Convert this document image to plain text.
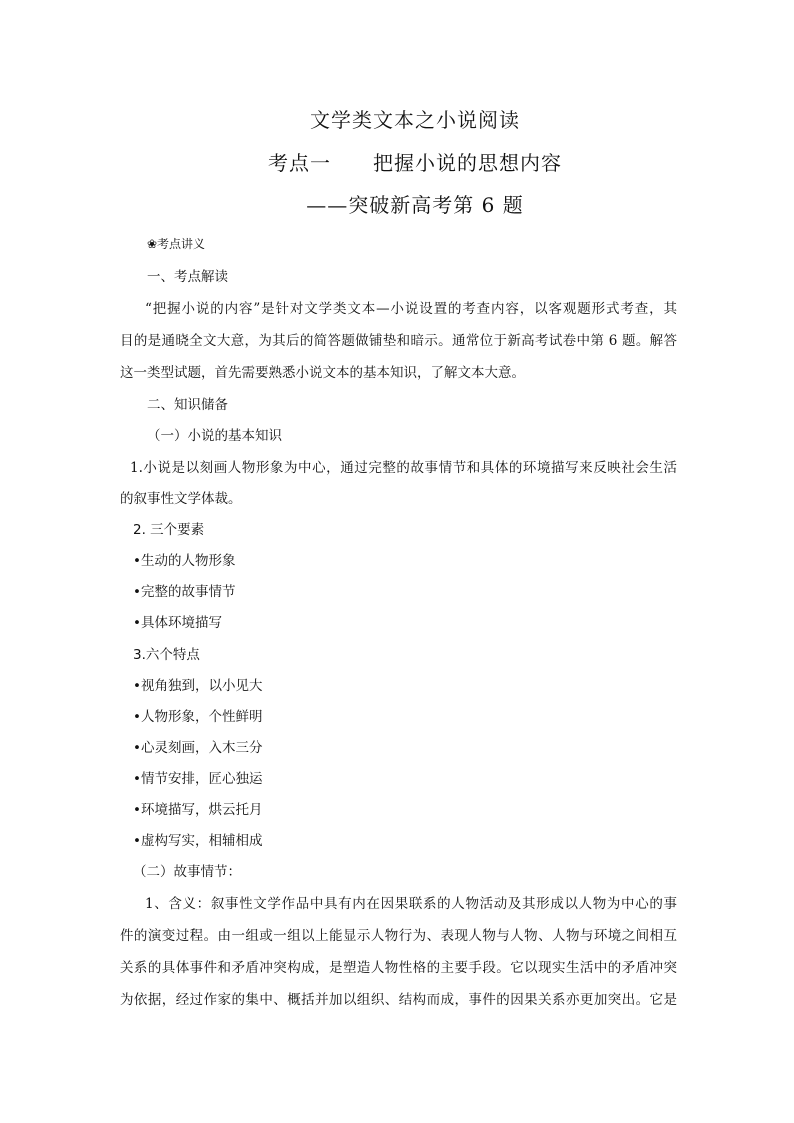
文学类文本之小说阅读
考点一　　把握小说的思想内容
——突破新高考第 6 题
❀考点讲义
一、考点解读
“把握小说的内容”是针对文学类文本—小说设置的考查内容，以客观题形式考查，其
目的是通晓全文大意，为其后的简答题做铺垫和暗示。通常位于新高考试卷中第 6 题。解答
这一类型试题，首先需要熟悉小说文本的基本知识，了解文本大意。
二、知识储备
（一）小说的基本知识
1.小说是以刻画人物形象为中心，通过完整的故事情节和具体的环境描写来反映社会生活
的叙事性文学体裁。
2. 三个要素
•生动的人物形象
•完整的故事情节
•具体环境描写
3.六个特点
•视角独到，以小见大
•人物形象，个性鲜明
•心灵刻画，入木三分
•情节安排，匠心独运
•环境描写，烘云托月
•虚构写实，相辅相成
（二）故事情节：
1、含义：叙事性文学作品中具有内在因果联系的人物活动及其形成以人物为中心的事
件的演变过程。由一组或一组以上能显示人物行为、表现人物与人物、人物与环境之间相互
关系的具体事件和矛盾冲突构成，是塑造人物性格的主要手段。它以现实生活中的矛盾冲突
为依据，经过作家的集中、概括并加以组织、结构而成，事件的因果关系亦更加突出。它是
